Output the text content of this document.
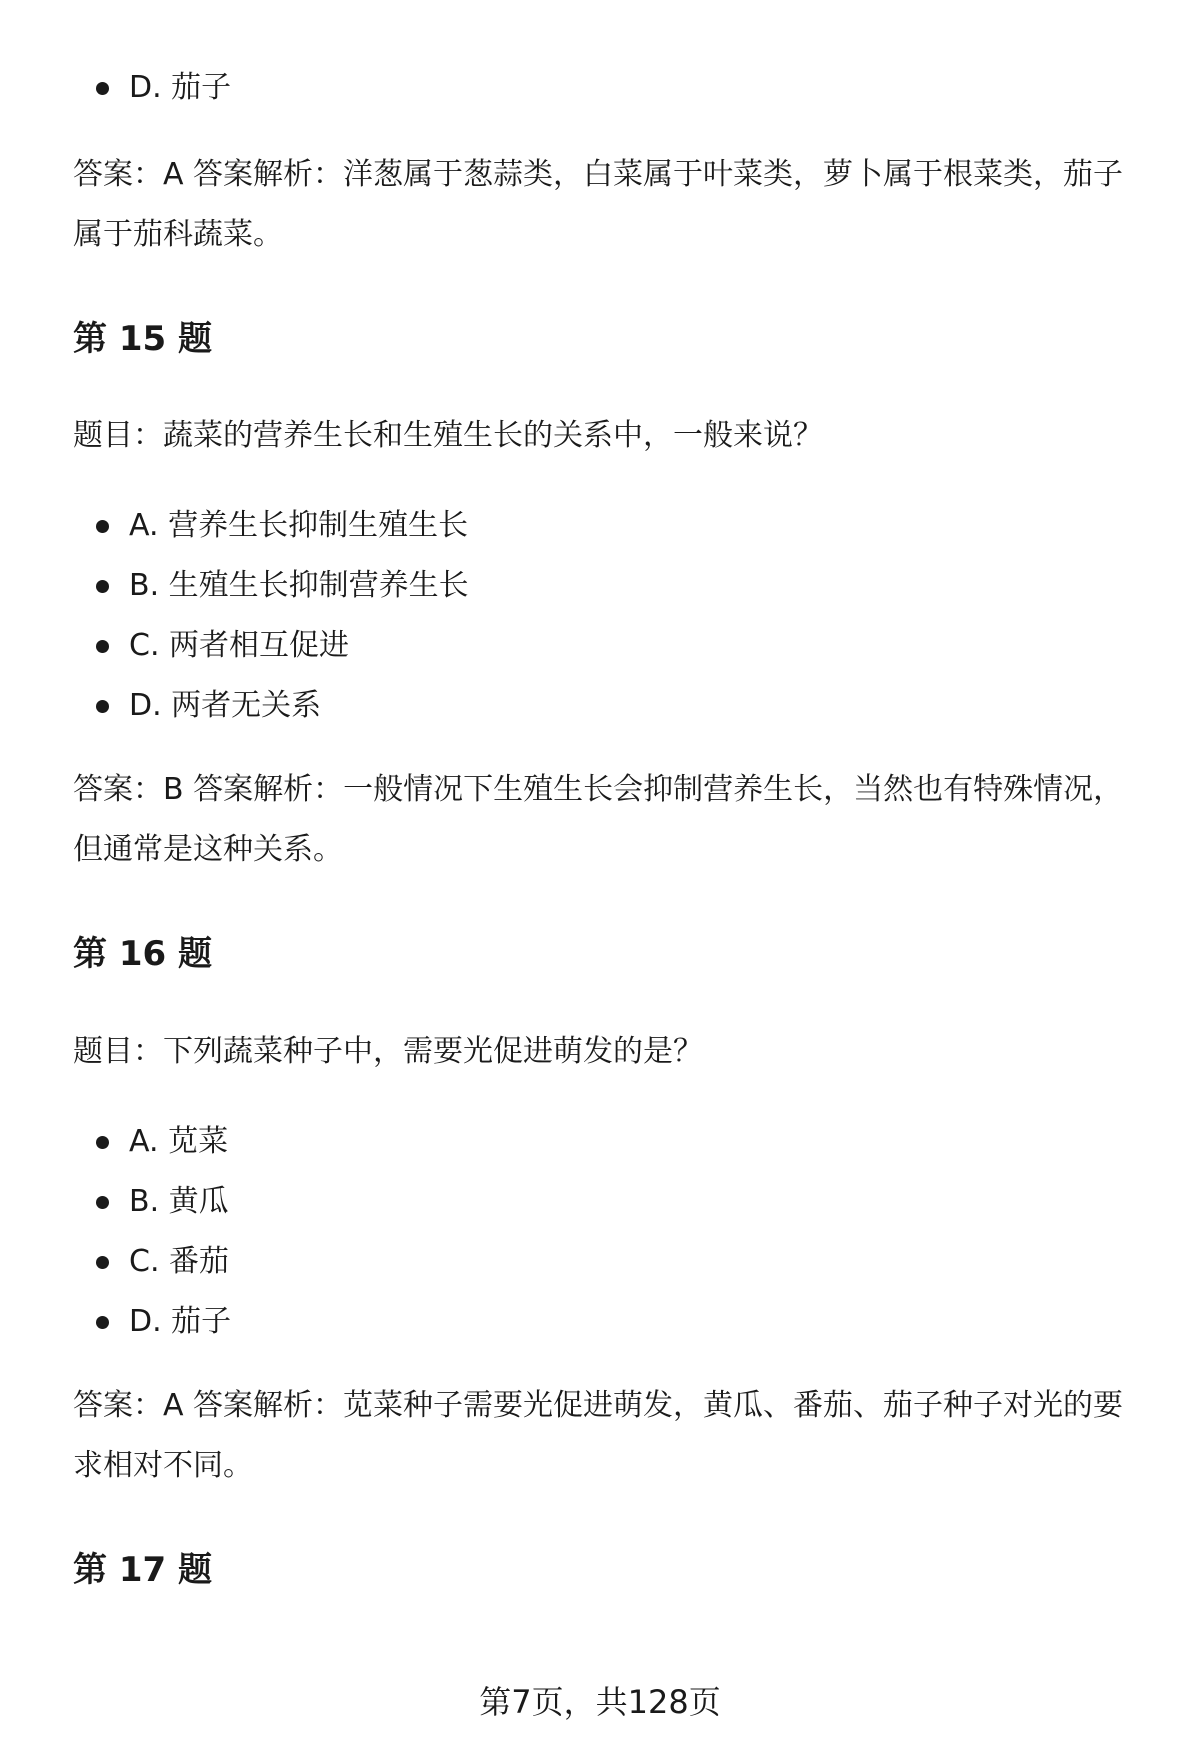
D. 茄子

答案：A 答案解析：洋葱属于葱蒜类，白菜属于叶菜类，萝卜属于根菜类，茄子属于茄科蔬菜。

第 15 题

题目：蔬菜的营养生长和生殖生长的关系中，一般来说？

A. 营养生长抑制生殖生长
B. 生殖生长抑制营养生长
C. 两者相互促进
D. 两者无关系

答案：B 答案解析：一般情况下生殖生长会抑制营养生长，当然也有特殊情况，但通常是这种关系。

第 16 题

题目：下列蔬菜种子中，需要光促进萌发的是？

A. 苋菜
B. 黄瓜
C. 番茄
D. 茄子

答案：A 答案解析：苋菜种子需要光促进萌发，黄瓜、番茄、茄子种子对光的要求相对不同。

第 17 题
第7页，共128页
